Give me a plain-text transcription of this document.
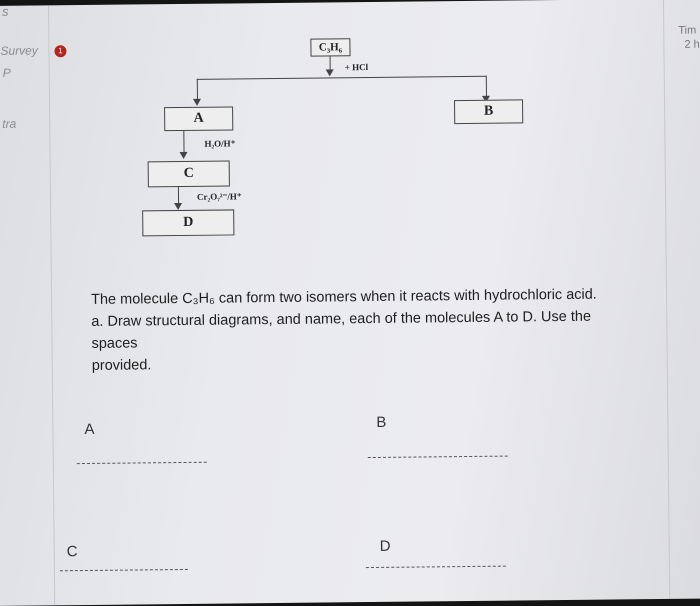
s
Survey	1
P
tra
Tim
2 h
C₃H₆
+ HCl
A	B
H₂O/H⁺
C
Cr₂O₇²⁻/H⁺
D
The molecule C₃H₆ can form two isomers when it reacts with hydrochloric acid.
a. Draw structural diagrams, and name, each of the molecules A to D. Use the
spaces
provided.
A	B
C	D
